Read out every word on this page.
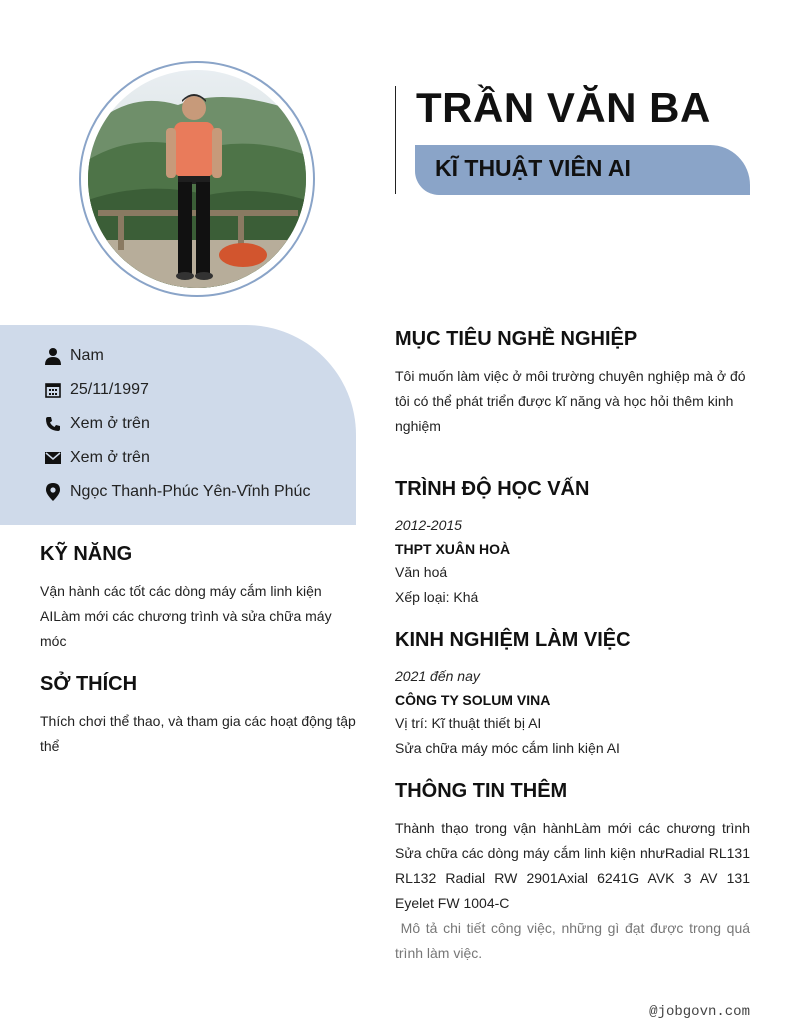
TRẦN VĂN BA
KĨ THUẬT VIÊN AI
Nam
25/11/1997
Xem ở trên
Xem ở trên
Ngọc Thanh-Phúc Yên-Vĩnh Phúc
KỸ NĂNG
Vận hành các tốt các dòng máy cắm linh kiện AILàm mới các chương trình và sửa chữa máy móc
SỞ THÍCH
Thích chơi thể thao, và tham gia các hoạt động tập thể
MỤC TIÊU NGHỀ NGHIỆP
Tôi muốn làm việc ở môi trường chuyên nghiệp mà ở đó tôi có thể phát triển được kĩ năng và học hỏi thêm kinh nghiệm
TRÌNH ĐỘ HỌC VẤN
2012-2015
THPT XUÂN HOÀ
Văn hoá
Xếp loại: Khá
KINH NGHIỆM LÀM VIỆC
2021 đến nay
CÔNG TY SOLUM VINA
Vị trí: Kĩ thuật thiết bị AI
Sửa chữa máy móc cắm linh kiện AI
THÔNG TIN THÊM
Thành thạo trong vận hànhLàm mới các chương trình Sửa chữa các dòng máy cắm linh kiện nhưRadial RL131 RL132 Radial RW 2901Axial 6241G AVK 3 AV 131 Eyelet FW 1004-C
Mô tả chi tiết công việc, những gì đạt được trong quá trình làm việc.
@jobgovn.com
